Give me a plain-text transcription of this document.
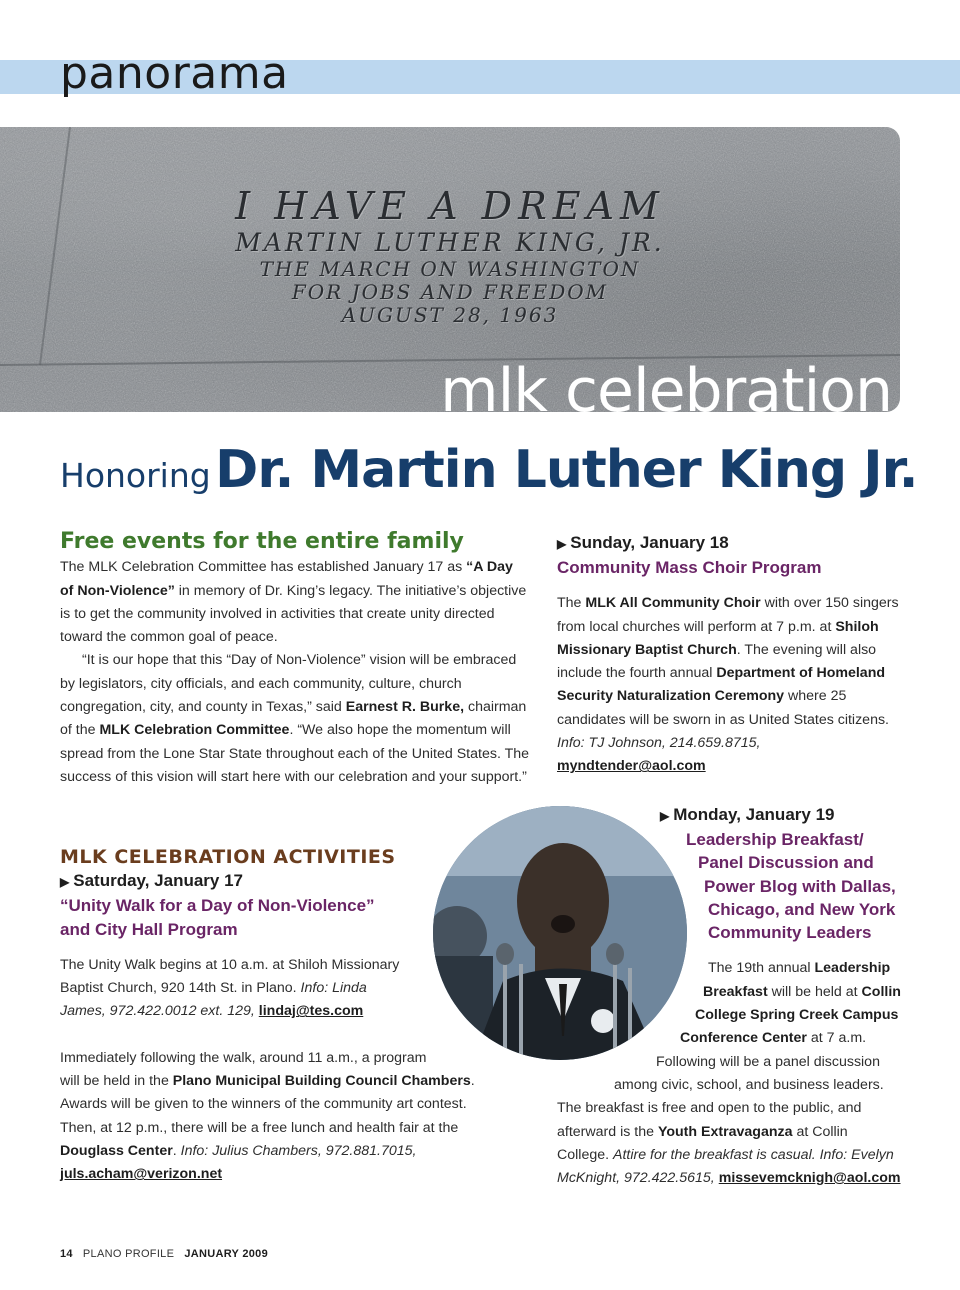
panorama
I HAVE A DREAM
MARTIN LUTHER KING, JR.
THE MARCH ON WASHINGTON
FOR JOBS AND FREEDOM
AUGUST 28, 1963
mlk celebration
Honoring Dr. Martin Luther King Jr.
Free events for the entire family

The MLK Celebration Committee has established January 17 as “A Day of Non-Violence” in memory of Dr. King’s legacy. The initiative’s objective is to get the community involved in activities that create unity directed toward the common goal of peace.

“It is our hope that this “Day of Non-Violence” vision will be embraced by legislators, city officials, and each community, culture, church congregation, city, and county in Texas,” said Earnest R. Burke, chairman of the MLK Celebration Committee. “We also hope the momentum will spread from the Lone Star State throughout each of the United States. The success of this vision will start here with our celebration and your support.”

MLK CELEBRATION ACTIVITIES
▶ Saturday, January 17
“Unity Walk for a Day of Non-Violence”
and City Hall Program

The Unity Walk begins at 10 a.m. at Shiloh Missionary
Baptist Church, 920 14th St. in Plano. Info: Linda
James, 972.422.0012 ext. 129, lindaj@tes.com

Immediately following the walk, around 11 a.m., a program
will be held in the Plano Municipal Building Council Chambers.
Awards will be given to the winners of the community art contest.
Then, at 12 p.m., there will be a free lunch and health fair at the
Douglass Center. Info: Julius Chambers, 972.881.7015,
juls.acham@verizon.net

▶ Sunday, January 18
Community Mass Choir Program

The MLK All Community Choir with over 150 singers from local churches will perform at 7 p.m. at Shiloh Missionary Baptist Church. The evening will also include the fourth annual Department of Homeland Security Naturalization Ceremony where 25 candidates will be sworn in as United States citizens. Info: TJ Johnson, 214.659.8715,
myndtender@aol.com

▶ Monday, January 19
Leadership Breakfast/
Panel Discussion and
Power Blog with Dallas,
Chicago, and New York
Community Leaders

The 19th annual Leadership
Breakfast will be held at Collin
College Spring Creek Campus
Conference Center at 7 a.m.
Following will be a panel discussion
among civic, school, and business leaders.
The breakfast is free and open to the public, and
afterward is the Youth Extravaganza at Collin
College. Attire for the breakfast is casual. Info: Evelyn
McKnight, 972.422.5615, missevemcknigh@aol.com

14 PLANO PROFILE JANUARY 2009
